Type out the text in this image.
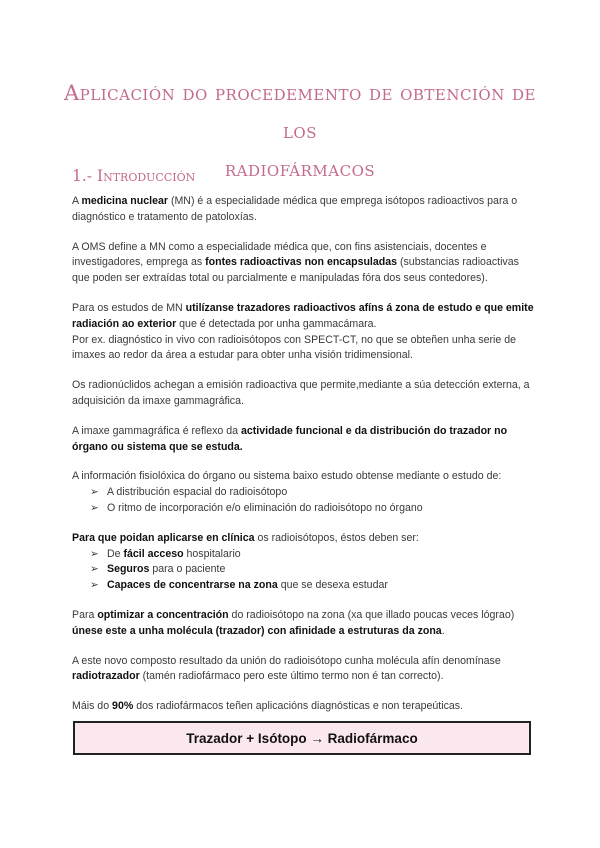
Aplicación do procedemento de obtención de los
radiofármacos
1.- Introducción

A medicina nuclear (MN) é a especialidade médica que emprega isótopos radioactivos para o diagnóstico e tratamento de patoloxías.

A OMS define a MN como a especialidade médica que, con fins asistenciais, docentes e investigadores, emprega as fontes radioactivas non encapsuladas (substancias radioactivas que poden ser extraídas total ou parcialmente e manipuladas fóra dos seus contedores).

Para os estudos de MN utilízanse trazadores radioactivos afíns á zona de estudo e que emite radiación ao exterior que é detectada por unha gammacámara.
Por ex. diagnóstico in vivo con radioisótopos con SPECT-CT, no que se obteñen unha serie de imaxes ao redor da área a estudar para obter unha visión tridimensional.

Os radionúclidos achegan a emisión radioactiva que permite,mediante a súa detección externa, a adquisición da imaxe gammagráfica.

A imaxe gammagráfica é reflexo da actividade funcional e da distribución do trazador no órgano ou sistema que se estuda.

A información fisiolóxica do órgano ou sistema baixo estudo obtense mediante o estudo de:

➢ A distribución espacial do radioisótopo
➢ O ritmo de incorporación e/o eliminación do radioisótopo no órgano

Para que poidan aplicarse en clínica os radioisótopos, éstos deben ser:

➢ De fácil acceso hospitalario
➢ Seguros para o paciente
➢ Capaces de concentrarse na zona que se desexa estudar

Para optimizar a concentración do radioisótopo na zona (xa que illado poucas veces lógrao) únese este a unha molécula (trazador) con afinidade a estruturas da zona.

A este novo composto resultado da unión do radioisótopo cunha molécula afín denomínase radiotrazador (tamén radiofármaco pero este último termo non é tan correcto).

Máis do 90% dos radiofármacos teñen aplicacións diagnósticas e non terapeúticas.

Trazador + Isótopo → Radiofármaco
